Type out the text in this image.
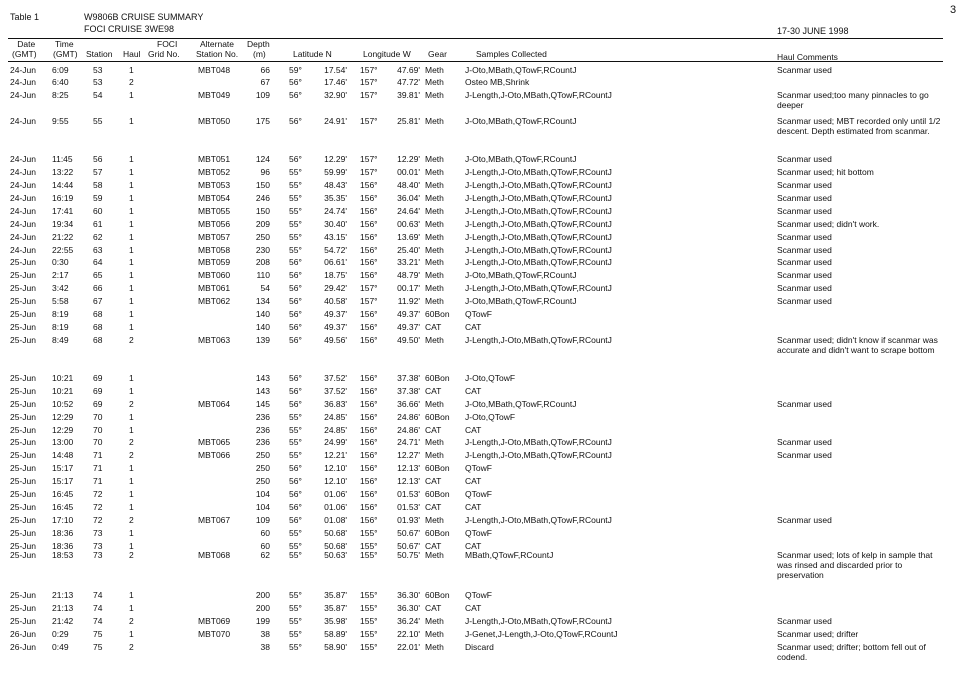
Table 1	W9806B CRUISE SUMMARY
FOCI CRUISE 3WE98	17-30 JUNE 1998
3
Date
(GMT)
Time
(GMT) Station Haul
FOCI
Grid No.
Alternate
Station No.
Depth
(m)	Latitude N	Longitude W Gear	Samples Collected	Haul Comments
24-Jun 6:09	53	1	MBT048	66 59°	17.54' 157°	47.69' Meth J-Oto,MBath,QTowF,RCountJ	Scanmar used
24-Jun 6:40	53	2	67 56°	17.46' 157°	47.72' Meth Osteo MB,Shrink
24-Jun 8:25	54	1	MBT049	109 56°	32.90' 157°	39.81' Meth J-Length,J-Oto,MBath,QTowF,RCountJ	Scanmar used;too many pinnacles to go deeper
24-Jun 9:55	55	1	MBT050	175 56°	24.91' 157°	25.81' Meth J-Oto,MBath,QTowF,RCountJ	Scanmar used; MBT recorded only until 1/2 descent. Depth estimated from scanmar.
24-Jun 11:45 56	1	MBT051	124 56°	12.29' 157°	12.29' Meth J-Oto,MBath,QTowF,RCountJ	Scanmar used
24-Jun 13:22 57	1	MBT052	96 55°	59.99' 157°	00.01' Meth J-Length,J-Oto,MBath,QTowF,RCountJ	Scanmar used; hit bottom
24-Jun 14:44 58	1	MBT053	150 55°	48.43' 156°	48.40' Meth J-Length,J-Oto,MBath,QTowF,RCountJ	Scanmar used
24-Jun 16:19 59	1	MBT054	246 55°	35.35' 156°	36.04' Meth J-Length,J-Oto,MBath,QTowF,RCountJ	Scanmar used
24-Jun 17:41 60	1	MBT055	150 55°	24.74' 156°	24.64' Meth J-Length,J-Oto,MBath,QTowF,RCountJ	Scanmar used
24-Jun 19:34 61	1	MBT056	209 55°	30.40' 156°	00.63' Meth J-Length,J-Oto,MBath,QTowF,RCountJ	Scanmar used; didn't work.
24-Jun 21:22 62	1	MBT057	250 55°	43.15' 156°	13.69' Meth J-Length,J-Oto,MBath,QTowF,RCountJ	Scanmar used
24-Jun 22:55 63	1	MBT058	230 55°	54.72' 156°	25.40' Meth J-Length,J-Oto,MBath,QTowF,RCountJ	Scanmar used
25-Jun 0:30	64	1	MBT059	208 56°	06.61' 156°	33.21' Meth J-Length,J-Oto,MBath,QTowF,RCountJ	Scanmar used
25-Jun 2:17	65	1	MBT060	110 56°	18.75' 156°	48.79' Meth J-Oto,MBath,QTowF,RCountJ	Scanmar used
25-Jun 3:42	66	1	MBT061	54 56°	29.42' 157°	00.17' Meth J-Length,J-Oto,MBath,QTowF,RCountJ	Scanmar used
25-Jun 5:58	67	1	MBT062	134 56°	40.58' 157°	11.92' Meth J-Oto,MBath,QTowF,RCountJ	Scanmar used
25-Jun 8:19	68	1	140 56°	49.37' 156°	49.37' 60Bon QTowF
25-Jun 8:19	68	1	140 56°	49.37' 156°	49.37' CAT	CAT
25-Jun 8:49	68	2	MBT063	139 56°	49.56' 156°	49.50' Meth J-Length,J-Oto,MBath,QTowF,RCountJ	Scanmar used; didn't know if scanmar was accurate and didn't want to scrape bottom
25-Jun 10:21 69	1	143 56°	37.52' 156°	37.38' 60Bon J-Oto,QTowF
25-Jun 10:21 69	1	143 56°	37.52' 156°	37.38' CAT	CAT
25-Jun 10:52 69	2	MBT064	145 56°	36.83' 156°	36.66' Meth J-Oto,MBath,QTowF,RCountJ	Scanmar used
25-Jun 12:29 70	1	236 55°	24.85' 156°	24.86' 60Bon J-Oto,QTowF
25-Jun 12:29 70	1	236 55°	24.85' 156°	24.86' CAT	CAT
25-Jun 13:00 70	2	MBT065	236 55°	24.99' 156°	24.71' Meth J-Length,J-Oto,MBath,QTowF,RCountJ	Scanmar used
25-Jun 14:48 71	2	MBT066	250 55°	12.21' 156°	12.27' Meth J-Length,J-Oto,MBath,QTowF,RCountJ	Scanmar used
25-Jun 15:17 71	1	250 56°	12.10' 156°	12.13' 60Bon QTowF
25-Jun 15:17 71	1	250 56°	12.10' 156°	12.13' CAT	CAT
25-Jun 16:45 72	1	104 56°	01.06' 156°	01.53' 60Bon QTowF
25-Jun 16:45 72	1	104 56°	01.06' 156°	01.53' CAT	CAT
25-Jun 17:10 72	2	MBT067	109 56°	01.08' 156°	01.93' Meth J-Length,J-Oto,MBath,QTowF,RCountJ	Scanmar used
25-Jun 18:36 73	1	60 55°	50.68' 155°	50.67' 60Bon QTowF
25-Jun 18:36 73	1	60 55°	50.68' 155°	50.67' CAT	CAT
25-Jun 18:53 73	2	MBT068	62 55°	50.63' 155°	50.75' Meth MBath,QTowF,RCountJ	Scanmar used; lots of kelp in sample that was rinsed and discarded prior to preservation
25-Jun 21:13 74	1	200 55°	35.87' 155°	36.30' 60Bon QTowF
25-Jun 21:13 74	1	200 55°	35.87' 155°	36.30' CAT	CAT
25-Jun 21:42 74	2	MBT069	199 55°	35.98' 155°	36.24' Meth J-Length,J-Oto,MBath,QTowF,RCountJ	Scanmar used
26-Jun 0:29	75	1	MBT070	38 55°	58.89' 155°	22.10' Meth J-Genet,J-Length,J-Oto,QTowF,RCountJ	Scanmar used; drifter
26-Jun 0:49	75	2	38 55°	58.90' 155°	22.01' Meth Discard	Scanmar used; drifter; bottom fell out of codend.
